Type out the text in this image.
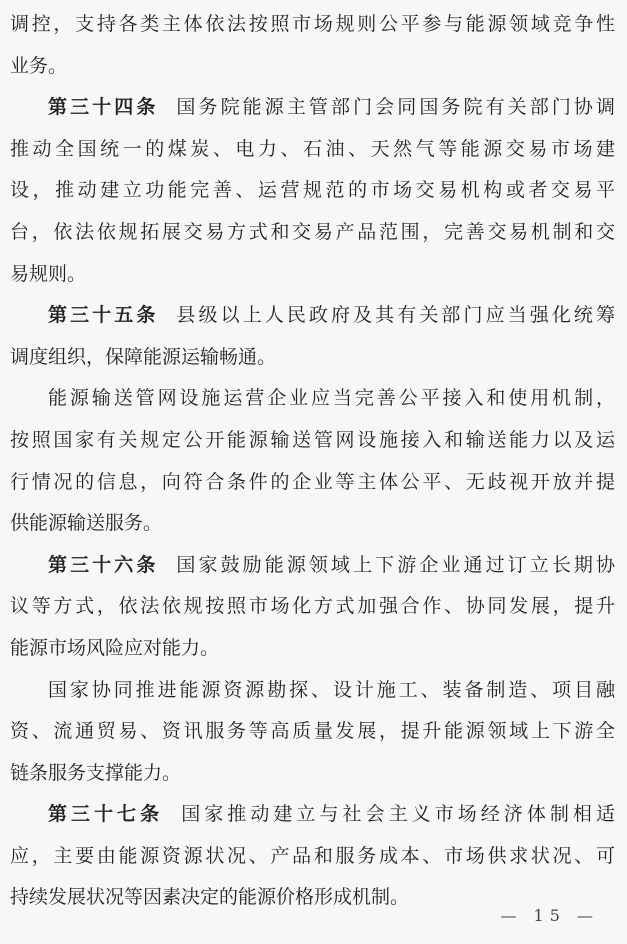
调控，支持各类主体依法按照市场规则公平参与能源领域竞争性
业务。
第三十四条 国务院能源主管部门会同国务院有关部门协调
推动全国统一的煤炭、电力、石油、天然气等能源交易市场建
设，推动建立功能完善、运营规范的市场交易机构或者交易平
台，依法依规拓展交易方式和交易产品范围，完善交易机制和交
易规则。
第三十五条 县级以上人民政府及其有关部门应当强化统筹
调度组织，保障能源运输畅通。
能源输送管网设施运营企业应当完善公平接入和使用机制，
按照国家有关规定公开能源输送管网设施接入和输送能力以及运
行情况的信息，向符合条件的企业等主体公平、无歧视开放并提
供能源输送服务。
第三十六条 国家鼓励能源领域上下游企业通过订立长期协
议等方式，依法依规按照市场化方式加强合作、协同发展，提升
能源市场风险应对能力。
国家协同推进能源资源勘探、设计施工、装备制造、项目融
资、流通贸易、资讯服务等高质量发展，提升能源领域上下游全
链条服务支撑能力。
第三十七条 国家推动建立与社会主义市场经济体制相适
应，主要由能源资源状况、产品和服务成本、市场供求状况、可
持续发展状况等因素决定的能源价格形成机制。
— 15 —
